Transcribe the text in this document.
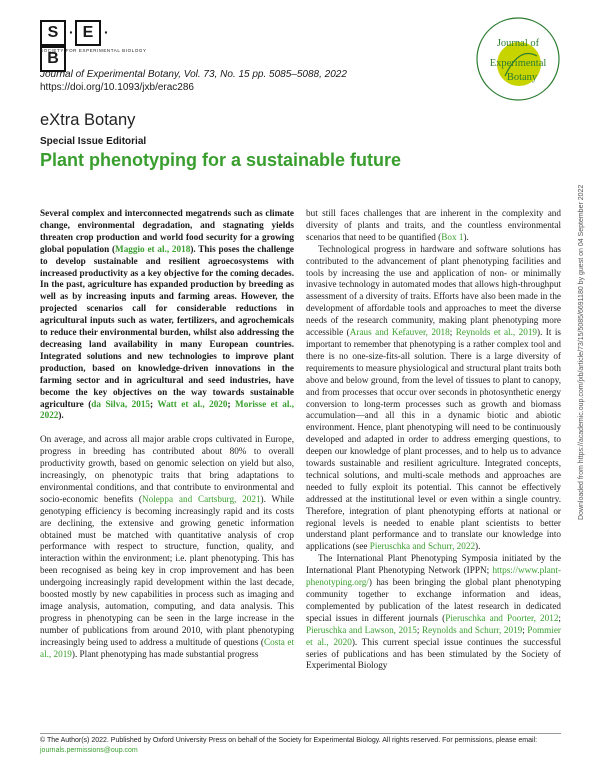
S · E ·B
SOCIETY FOR EXPERIMENTAL BIOLOGY
Journal of
Experimental
Botany
Journal of Experimental Botany, Vol. 73, No. 15 pp. 5085–5088, 2022
https://doi.org/10.1093/jxb/erac286
eXtra Botany
Special Issue Editorial
Plant phenotyping for a sustainable future

Several complex and interconnected megatrends such as climate change, environmental degradation, and stagnating yields threaten crop production and world food security for a growing global population (Maggio et al., 2018). This poses the challenge to develop sustainable and resilient agroecosystems with increased productivity as a key objective for the coming decades. In the past, agriculture has expanded production by breeding as well as by increasing inputs and farming areas. However, the projected scenarios call for considerable reductions in agricultural inputs such as water, fertilizers, and agrochemicals to reduce their environmental burden, whilst also addressing the decreasing land availability in many European countries. Integrated solutions and new technologies to improve plant production, based on knowledge-driven innovations in the farming sector and in agricultural and seed industries, have become the key objectives on the way towards sustainable agriculture (da Silva, 2015; Watt et al., 2020; Morisse et al., 2022).

On average, and across all major arable crops cultivated in Europe, progress in breeding has contributed about 80% to overall productivity growth, based on genomic selection on yield but also, increasingly, on phenotypic traits that bring adaptations to environmental conditions, and that contribute to environmental and socio-economic benefits (Noleppa and Cartsburg, 2021). While genotyping efficiency is becoming increasingly rapid and its costs are declining, the extensive and growing genetic information obtained must be matched with quantitative analysis of crop performance with respect to structure, function, quality, and interaction within the environment; i.e. plant phenotyping. This has been recognised as being key in crop improvement and has been undergoing increasingly rapid development within the last decade, boosted mostly by new capabilities in process such as imaging and image analysis, automation, computing, and data analysis. This progress in phenotyping can be seen in the large increase in the number of publications from around 2010, with plant phenotyping increasingly being used to address a multitude of questions (Costa et al., 2019). Plant phenotyping has made substantial progress

but still faces challenges that are inherent in the complexity and diversity of plants and traits, and the countless environmental scenarios that need to be quantified (Box 1).

Technological progress in hardware and software solutions has contributed to the advancement of plant phenotyping facilities and tools by increasing the use and application of non- or minimally invasive technology in automated modes that allows high-throughput assessment of a diversity of traits. Efforts have also been made in the development of affordable tools and approaches to meet the diverse needs of the research community, making plant phenotyping more accessible (Araus and Kefauver, 2018; Reynolds et al., 2019). It is important to remember that phenotyping is a rather complex tool and there is no one-size-fits-all solution. There is a large diversity of requirements to measure physiological and structural plant traits both above and below ground, from the level of tissues to plant to canopy, and from processes that occur over seconds in photosynthetic energy conversion to long-term processes such as growth and biomass accumulation—and all this in a dynamic biotic and abiotic environment. Hence, plant phenotyping will need to be continuously developed and adapted in order to address emerging questions, to deepen our knowledge of plant processes, and to help us to advance towards sustainable and resilient agriculture. Integrated concepts, technical solutions, and multi-scale methods and approaches are needed to fully exploit its potential. This cannot be effectively addressed at the institutional level or even within a single country. Therefore, integration of plant phenotyping efforts at national or regional levels is needed to enable plant scientists to better understand plant performance and to translate our knowledge into applications (see Pieruschka and Schurr, 2022).

The International Plant Phenotyping Symposia initiated by the International Plant Phenotyping Network (IPPN; https://www.plant-phenotyping.org/) has been bringing the global plant phenotyping community together to exchange information and ideas, complemented by publication of the latest research in dedicated special issues in different journals (Pieruschka and Poorter, 2012; Pieruschka and Lawson, 2015; Reynolds and Schurr, 2019; Pommier et al., 2020). This current special issue continues the successful series of publications and has been stimulated by the Society of Experimental Biology

Downloaded from https://academic.oup.com/jxb/article/73/15/5085/6691180 by guest on 04 September 2022
© The Author(s) 2022. Published by Oxford University Press on behalf of the Society for Experimental Biology. All rights reserved. For permissions, please email:
journals.permissions@oup.com
